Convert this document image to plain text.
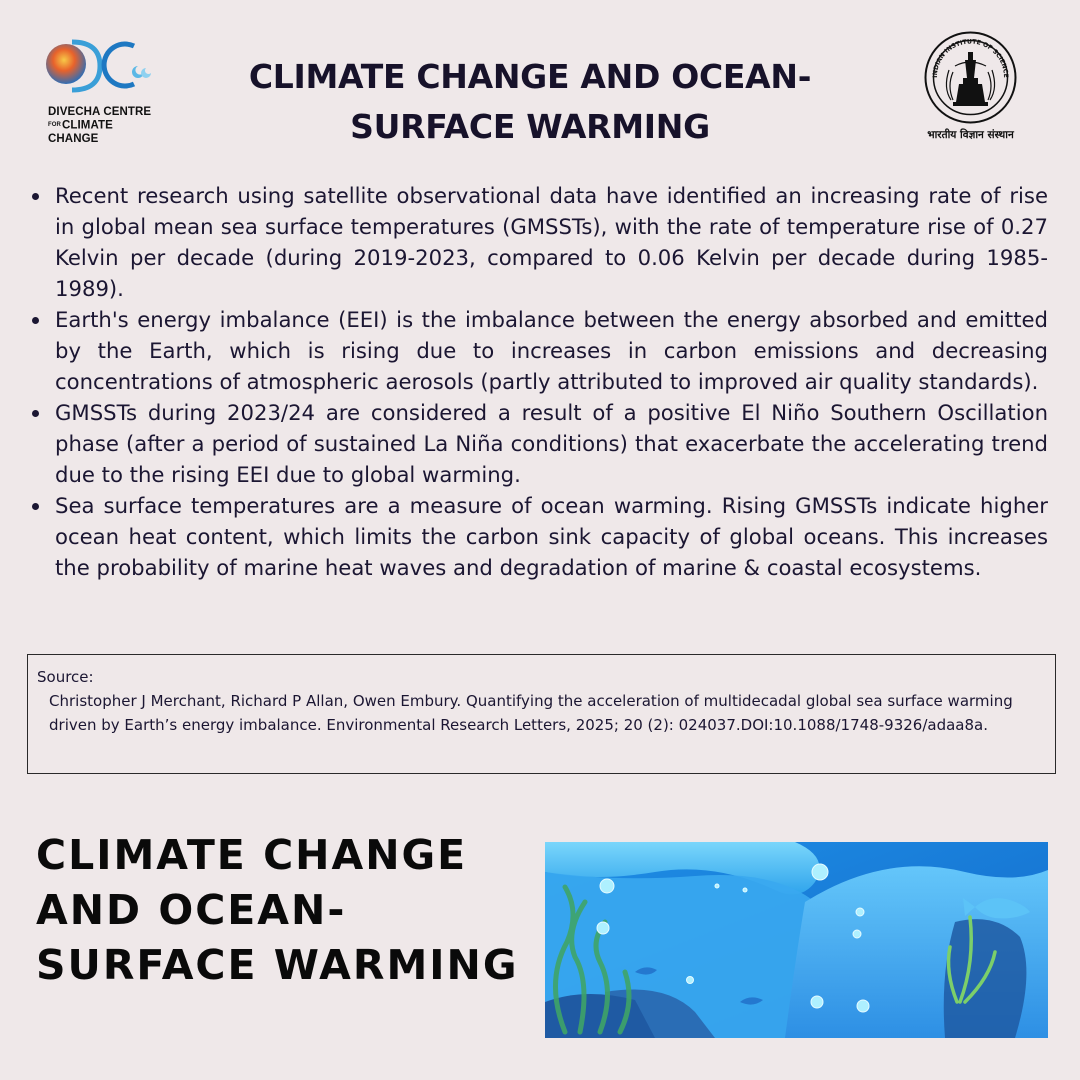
DIVECHA CENTRE
FORCLIMATE CHANGE
CLIMATE CHANGE AND OCEAN-SURFACE WARMING
INDIAN INSTITUTE OF SCIENCE
भारतीय विज्ञान संस्थान
Recent research using satellite observational data have identified an increasing rate of rise in global mean sea surface temperatures (GMSSTs), with the rate of temperature rise of 0.27 Kelvin per decade (during 2019-2023, compared to 0.06 Kelvin per decade during 1985-1989).
Earth's energy imbalance (EEI) is the imbalance between the energy absorbed and emitted by the Earth, which is rising due to increases in carbon emissions and decreasing concentrations of atmospheric aerosols (partly attributed to improved air quality standards).
GMSSTs during 2023/24 are considered a result of a positive El Niño Southern Oscillation phase (after a period of sustained La Niña conditions) that exacerbate the accelerating trend due to the rising EEI due to global warming.
Sea surface temperatures are a measure of ocean warming. Rising GMSSTs indicate higher ocean heat content, which limits the carbon sink capacity of global oceans. This increases the probability of marine heat waves and degradation of marine & coastal ecosystems.
Source:
Christopher J Merchant, Richard P Allan, Owen Embury. Quantifying the acceleration of multidecadal global sea surface warming driven by Earth’s energy imbalance. Environmental Research Letters, 2025; 20 (2): 024037.DOI:10.1088/1748-9326/adaa8a.
CLIMATE CHANGE AND OCEAN-SURFACE WARMING
